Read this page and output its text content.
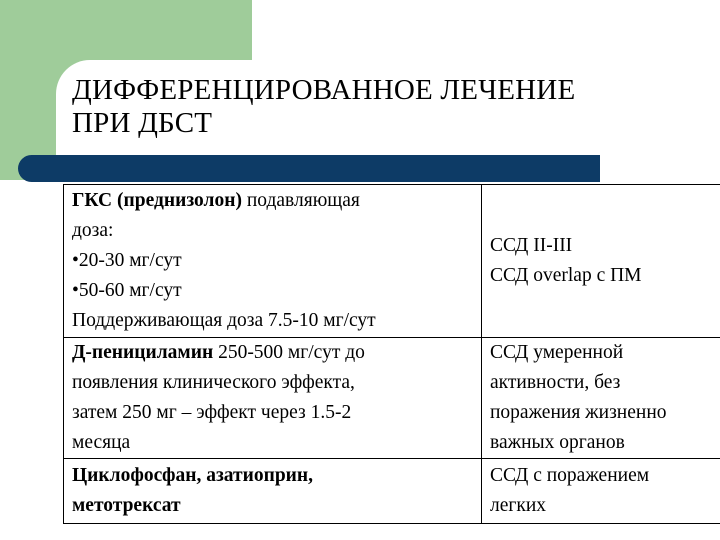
ДИФФЕРЕНЦИРОВАННОЕ ЛЕЧЕНИЕ
ПРИ ДБСТ
ГКС (преднизолон) подавляющая
доза:
•20-30 мг/сут
•50-60 мг/сут
Поддерживающая доза 7.5-10 мг/сут	ССД II-III
ССД overlap с ПМ

Д-пенициламин 250-500 мг/сут до
появления клинического эффекта,
затем 250 мг – эффект через 1.5-2
месяца	ССД умеренной
активности, без
поражения жизненно
важных органов

Циклофосфан, азатиоприн,
метотрексат	ССД с поражением
легких
